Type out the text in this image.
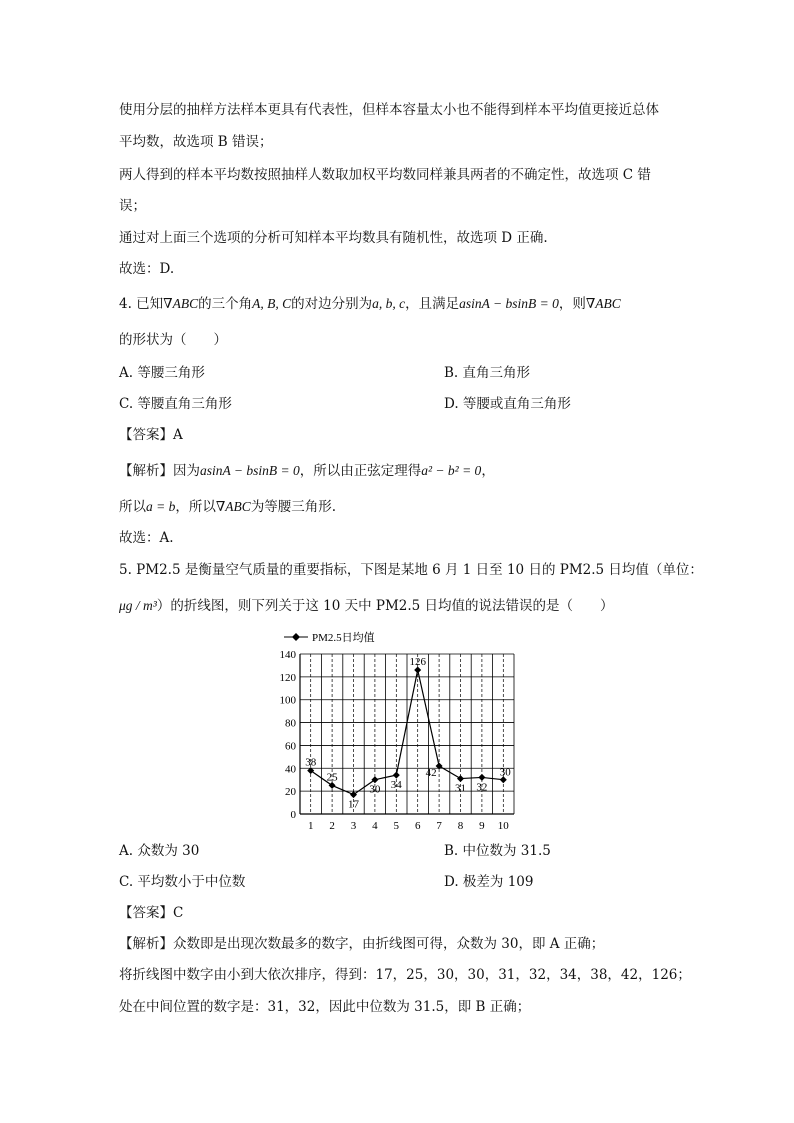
使用分层的抽样方法样本更具有代表性，但样本容量太小也不能得到样本平均值更接近总体
平均数，故选项 B 错误；
两人得到的样本平均数按照抽样人数取加权平均数同样兼具两者的不确定性，故选项 C 错
误；
通过对上面三个选项的分析可知样本平均数具有随机性，故选项 D 正确.
故选：D.
4. 已知∇ABC的三个角A, B, C的对边分别为a, b, c，且满足asinA − bsinB = 0，则∇ABC
的形状为（　　）
A. 等腰三角形	B. 直角三角形
C. 等腰直角三角形	D. 等腰或直角三角形
【答案】A
【解析】因为asinA − bsinB = 0，所以由正弦定理得a² − b² = 0，
所以a = b，所以∇ABC为等腰三角形.
故选：A.
5. PM2.5 是衡量空气质量的重要指标，下图是某地 6 月 1 日至 10 日的 PM2.5 日均值（单位：
μg / m³）的折线图，则下列关于这 10 天中 PM2.5 日均值的说法错误的是（　　）
PM2.5日均值
0
20
40
60
80
100
120
140
1 2 3 4 5 6 7 8 9 10
38
25
17
30 34
126
42
31 32
30
A. 众数为 30	B. 中位数为 31.5
C. 平均数小于中位数	D. 极差为 109
【答案】C
【解析】众数即是出现次数最多的数字，由折线图可得，众数为 30，即 A 正确；
将折线图中数字由小到大依次排序，得到：17，25，30，30，31，32，34，38，42，126；
处在中间位置的数字是：31，32，因此中位数为 31.5，即 B 正确；
